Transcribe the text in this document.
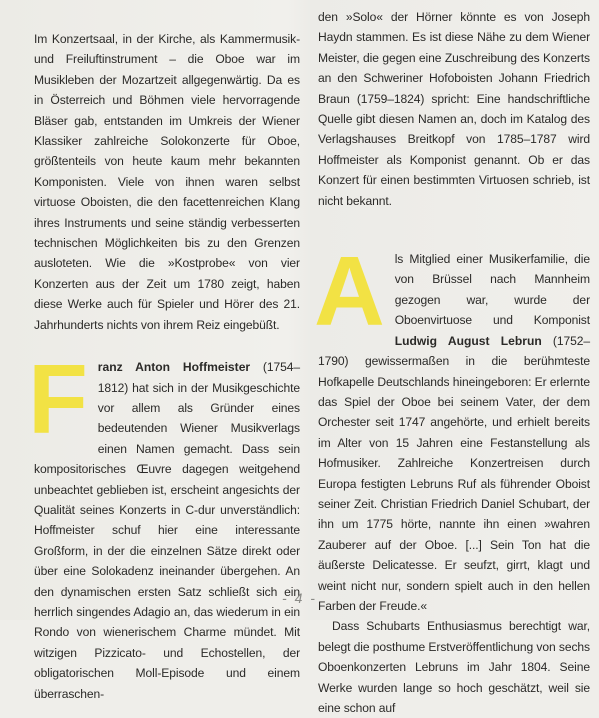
Im Konzertsaal, in der Kirche, als Kammermusik- und Freiluftinstrument – die Oboe war im Musikleben der Mozartzeit allgegenwärtig. Da es in Österreich und Böhmen viele hervorragende Bläser gab, entstanden im Umkreis der Wiener Klassiker zahlreiche Solokonzerte für Oboe, größtenteils von heute kaum mehr bekannten Komponisten. Viele von ihnen waren selbst virtuose Oboisten, die den facettenreichen Klang ihres Instruments und seine ständig verbesserten technischen Möglichkeiten bis zu den Grenzen ausloteten. Wie die »Kostprobe« von vier Konzerten aus der Zeit um 1780 zeigt, haben diese Werke auch für Spieler und Hörer des 21. Jahrhunderts nichts von ihrem Reiz eingebüßt.

Franz Anton Hoffmeister (1754–1812) hat sich in der Musikgeschichte vor allem als Gründer eines bedeutenden Wiener Musikverlags einen Namen gemacht. Dass sein kompositorisches Œuvre dagegen weitgehend unbeachtet geblieben ist, erscheint angesichts der Qualität seines Konzerts in C-dur unverständlich: Hoffmeister schuf hier eine interessante Großform, in der die einzelnen Sätze direkt oder über eine Solokadenz ineinander übergehen. An den dynamischen ersten Satz schließt sich ein herrlich singendes Adagio an, das wiederum in ein Rondo von wienerischem Charme mündet. Mit witzigen Pizzicato- und Echostellen, der obligatorischen Moll-Episode und einem überraschen-

den »Solo« der Hörner könnte es von Joseph Haydn stammen. Es ist diese Nähe zu dem Wiener Meister, die gegen eine Zuschreibung des Konzerts an den Schweriner Hofoboisten Johann Friedrich Braun (1759–1824) spricht: Eine handschriftliche Quelle gibt diesen Namen an, doch im Katalog des Verlagshauses Breitkopf von 1785–1787 wird Hoffmeister als Komponist genannt. Ob er das Konzert für einen bestimmten Virtuosen schrieb, ist nicht bekannt.

Als Mitglied einer Musikerfamilie, die von Brüssel nach Mannheim gezogen war, wurde der Oboenvirtuose und Komponist Ludwig August Lebrun (1752–1790) gewissermaßen in die berühmteste Hofkapelle Deutschlands hineingeboren: Er erlernte das Spiel der Oboe bei seinem Vater, der dem Orchester seit 1747 angehörte, und erhielt bereits im Alter von 15 Jahren eine Festanstellung als Hofmusiker. Zahlreiche Konzertreisen durch Europa festigten Lebruns Ruf als führender Oboist seiner Zeit. Christian Friedrich Daniel Schubart, der ihn um 1775 hörte, nannte ihn einen »wahren Zauberer auf der Oboe. [...] Sein Ton hat die äußerste Delicatesse. Er seufzt, girrt, klagt und weint nicht nur, sondern spielt auch in den hellen Farben der Freude.«

Dass Schubarts Enthusiasmus berechtigt war, belegt die posthume Erstveröffentlichung von sechs Oboenkonzerten Lebruns im Jahr 1804. Seine Werke wurden lange so hoch geschätzt, weil sie eine schon auf

- 4 -
